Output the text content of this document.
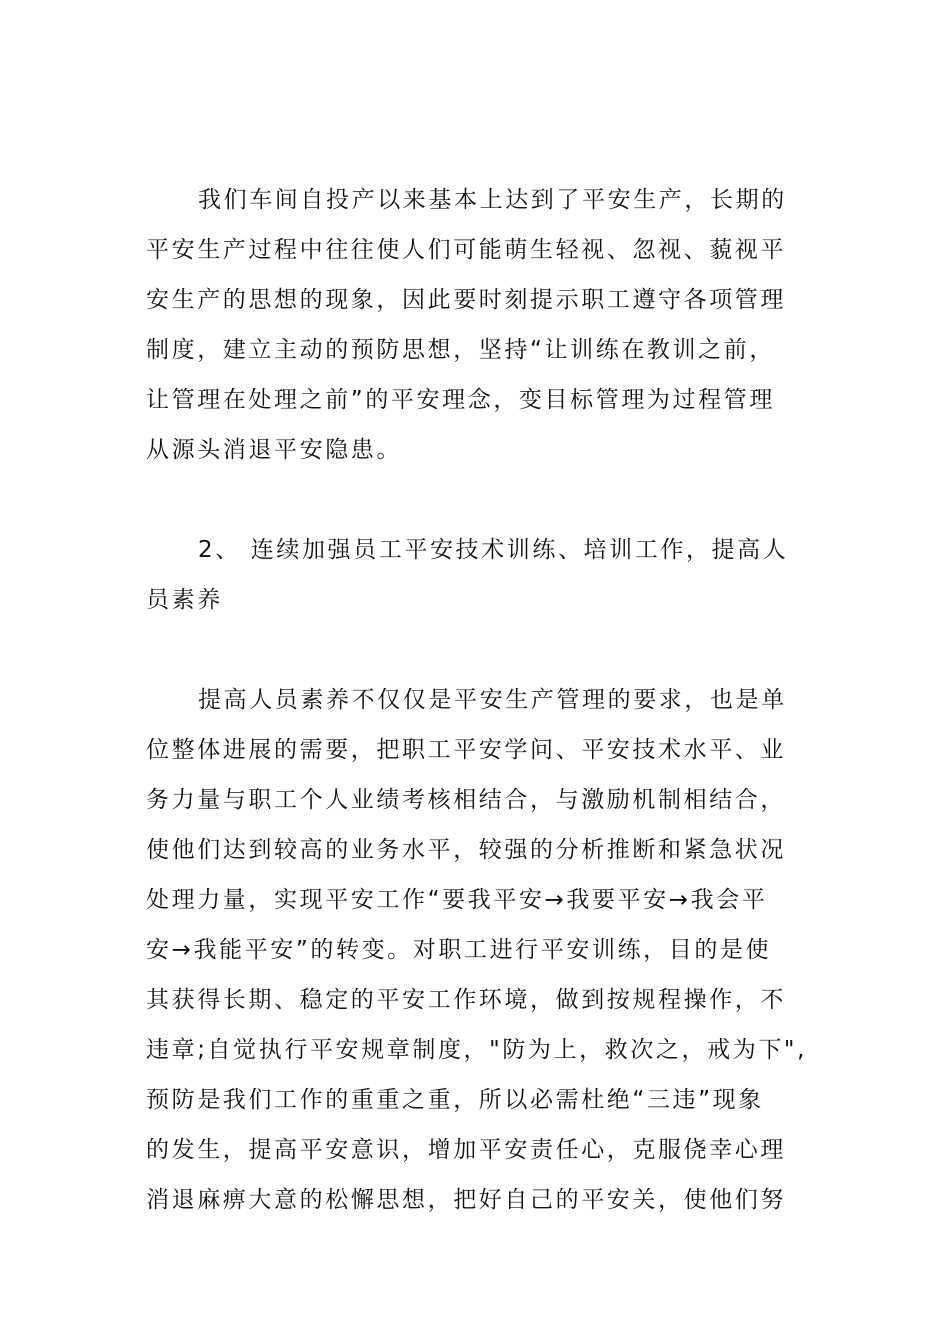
我们车间自投产以来基本上达到了平安生产，长期的
平安生产过程中往往使人们可能萌生轻视、忽视、藐视平
安生产的思想的现象，因此要时刻提示职工遵守各项管理
制度，建立主动的预防思想，坚持“让训练在教训之前，
让管理在处理之前”的平安理念，变目标管理为过程管理
从源头消退平安隐患。
2、 连续加强员工平安技术训练、培训工作，提高人
员素养
提高人员素养不仅仅是平安生产管理的要求，也是单
位整体进展的需要，把职工平安学问、平安技术水平、业
务力量与职工个人业绩考核相结合，与激励机制相结合，
使他们达到较高的业务水平，较强的分析推断和紧急状况
处理力量，实现平安工作“要我平安→我要平安→我会平
安→我能平安”的转变。对职工进行平安训练，目的是使
其获得长期、稳定的平安工作环境，做到按规程操作，不
违章;自觉执行平安规章制度，"防为上，救次之，戒为下",
预防是我们工作的重重之重，所以必需杜绝“三违”现象
的发生，提高平安意识，增加平安责任心，克服侥幸心理
消退麻痹大意的松懈思想，把好自己的平安关，使他们努
